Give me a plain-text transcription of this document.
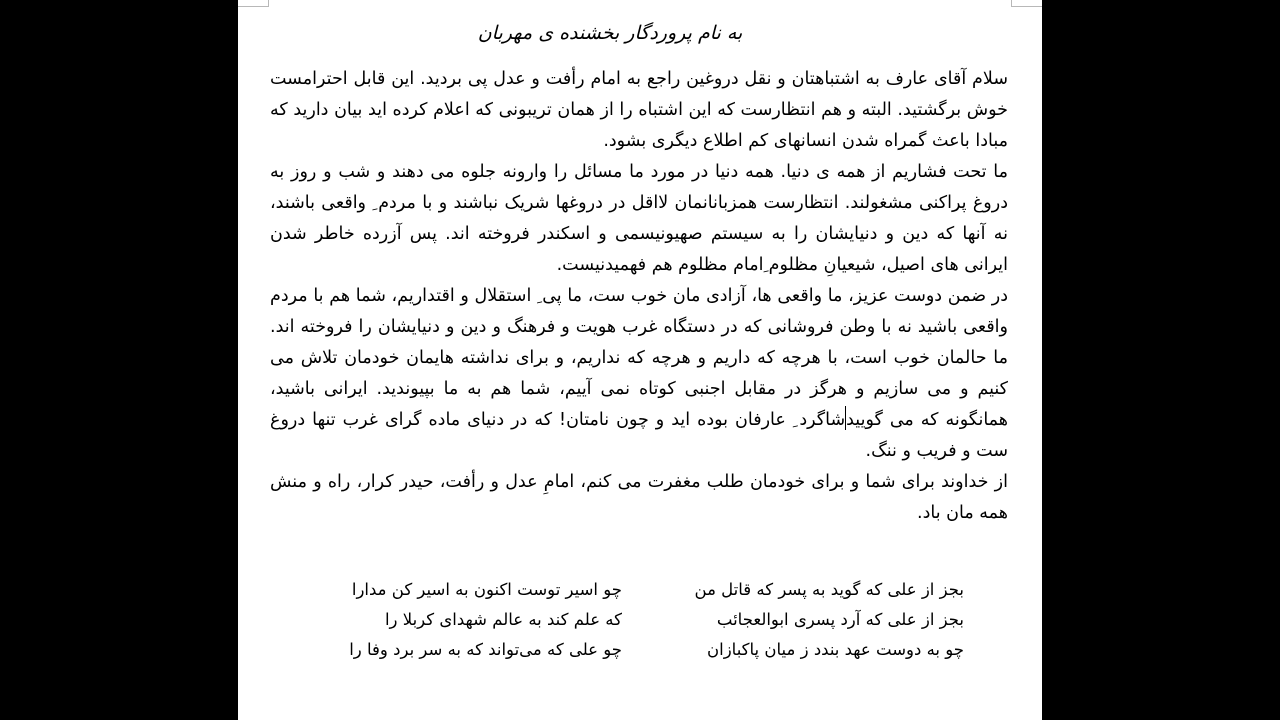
به نام پروردگار بخشنده ی مهربان

سلام آقای عارف به اشتباهتان و نقل دروغین راجع به امام رأفت و عدل پی بردید. این قابل احترامست خوش برگشتید. البته و هم انتظارست که این اشتباه را از همان تریبونی که اعلام کرده اید بیان دارید که مبادا باعث گمراه شدن انسانهای کم اطلاع دیگری بشود.

ما تحت فشاریم از همه ی دنیا. همه دنیا در مورد ما مسائل را وارونه جلوه می دهند و شب و روز به دروغ پراکنی مشغولند. انتظارست همزبانانمان لااقل در دروغها شریک نباشند و با مردم ِ واقعی باشند، نه آنها که دین و دنیایشان را به سیستم صهیونیسمی و اسکندر فروخته اند. پس آزرده خاطر شدن ایرانی های اصیل، شیعیانِ مظلوم ِامام مظلوم هم فهمیدنیست.

در ضمن دوست عزیز، ما واقعی ها، آزادی مان خوب ست، ما پی ِ استقلال و اقتداریم، شما هم با مردم واقعی باشید نه با وطن فروشانی که در دستگاه غرب هویت و فرهنگ و دین و دنیایشان را فروخته اند. ما حالمان خوب است، با هرچه که داریم و هرچه که نداریم، و برای نداشته هایمان خودمان تلاش می کنیم و می سازیم و هرگز در مقابل اجنبی کوتاه نمی آییم، شما هم به ما بپیوندید. ایرانی باشید، همانگونه که می گوییدشاگرد ِ عارفان بوده اید و چون نامتان! که در دنیای ماده گرای غرب تنها دروغ ست و فریب و ننگ.

از خداوند برای شما و برای خودمان طلب مغفرت می کنم، امامِ عدل و رأفت، حیدر کرار، راه و منش همه مان باد.

بجز از علی که گوید به پسر که قاتل من
چو اسیر توست اکنون به اسیر کن مدارا
بجز از علی که آرد پسری ابوالعجائب
که علم کند به عالم شهدای کربلا را
چو به دوست عهد بندد ز میان پاکبازان
چو علی که می‌تواند که به سر برد وفا را
